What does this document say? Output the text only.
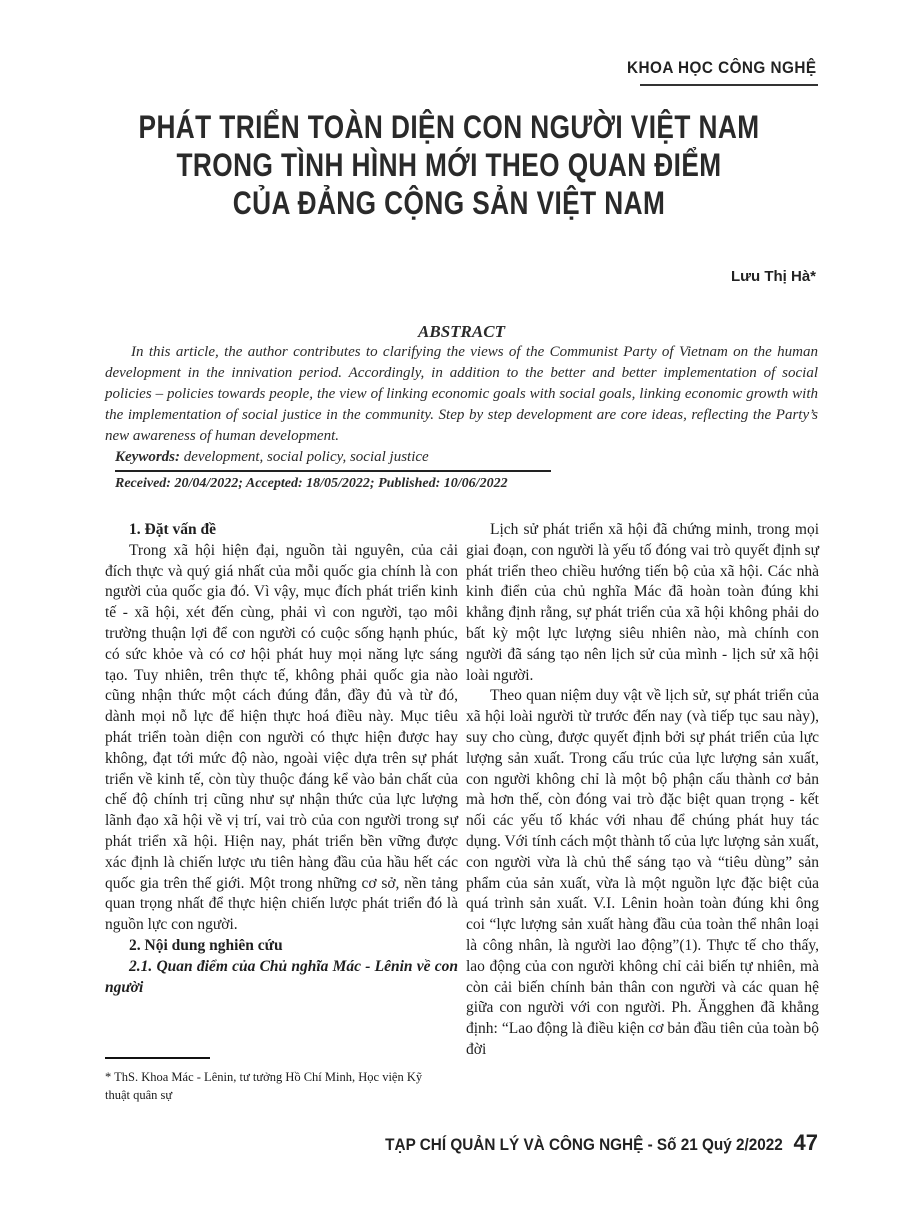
KHOA HỌC CÔNG NGHỆ
PHÁT TRIỂN TOÀN DIỆN CON NGƯỜI VIỆT NAM
TRONG TÌNH HÌNH MỚI THEO QUAN ĐIỂM
CỦA ĐẢNG CỘNG SẢN VIỆT NAM
Lưu Thị Hà*
ABSTRACT
In this article, the author contributes to clarifying the views of the Communist Party of Vietnam on the human development in the innivation period. Accordingly, in addition to the better and better implementation of social policies – policies towards people, the view of linking economic goals with social goals, linking economic growth with the implementation of social justice in the community. Step by step development are core ideas, reflecting the Party’s new awareness of human development.
Keywords: development, social policy, social justice
Received: 20/04/2022; Accepted: 18/05/2022; Published: 10/06/2022

1. Đặt vấn đề

Trong xã hội hiện đại, nguồn tài nguyên, của cải đích thực và quý giá nhất của mỗi quốc gia chính là con người của quốc gia đó. Vì vậy, mục đích phát triển kinh tế - xã hội, xét đến cùng, phải vì con người, tạo môi trường thuận lợi để con người có cuộc sống hạnh phúc, có sức khỏe và có cơ hội phát huy mọi năng lực sáng tạo. Tuy nhiên, trên thực tế, không phải quốc gia nào cũng nhận thức một cách đúng đắn, đầy đủ và từ đó, dành mọi nỗ lực để hiện thực hoá điều này. Mục tiêu phát triển toàn diện con người có thực hiện được hay không, đạt tới mức độ nào, ngoài việc dựa trên sự phát triển về kinh tế, còn tùy thuộc đáng kể vào bản chất của chế độ chính trị cũng như sự nhận thức của lực lượng lãnh đạo xã hội về vị trí, vai trò của con người trong sự phát triển xã hội. Hiện nay, phát triển bền vững được xác định là chiến lược ưu tiên hàng đầu của hầu hết các quốc gia trên thế giới. Một trong những cơ sở, nền tảng quan trọng nhất để thực hiện chiến lược phát triển đó là nguồn lực con người.

2. Nội dung nghiên cứu

2.1. Quan điểm của Chủ nghĩa Mác - Lênin về con người

* ThS. Khoa Mác - Lênin, tư tưởng Hồ Chí Minh, Học viện Kỹ thuật quân sự

Lịch sử phát triển xã hội đã chứng minh, trong mọi giai đoạn, con người là yếu tố đóng vai trò quyết định sự phát triển theo chiều hướng tiến bộ của xã hội. Các nhà kinh điển của chủ nghĩa Mác đã hoàn toàn đúng khi khẳng định rằng, sự phát triển của xã hội không phải do bất kỳ một lực lượng siêu nhiên nào, mà chính con người đã sáng tạo nên lịch sử của mình - lịch sử xã hội loài người.

Theo quan niệm duy vật về lịch sử, sự phát triển của xã hội loài người từ trước đến nay (và tiếp tục sau này), suy cho cùng, được quyết định bởi sự phát triển của lực lượng sản xuất. Trong cấu trúc của lực lượng sản xuất, con người không chỉ là một bộ phận cấu thành cơ bản mà hơn thế, còn đóng vai trò đặc biệt quan trọng - kết nối các yếu tố khác với nhau để chúng phát huy tác dụng. Với tính cách một thành tố của lực lượng sản xuất, con người vừa là chủ thể sáng tạo và “tiêu dùng” sản phẩm của sản xuất, vừa là một nguồn lực đặc biệt của quá trình sản xuất. V.I. Lênin hoàn toàn đúng khi ông coi “lực lượng sản xuất hàng đầu của toàn thể nhân loại là công nhân, là người lao động”(1). Thực tế cho thấy, lao động của con người không chỉ cải biến tự nhiên, mà còn cải biến chính bản thân con người và các quan hệ giữa con người với con người. Ph. Ăngghen đã khẳng định: “Lao động là điều kiện cơ bản đầu tiên của toàn bộ đời

TẠP CHÍ QUẢN LÝ VÀ CÔNG NGHỆ - Số 21 Quý 2/2022 47
